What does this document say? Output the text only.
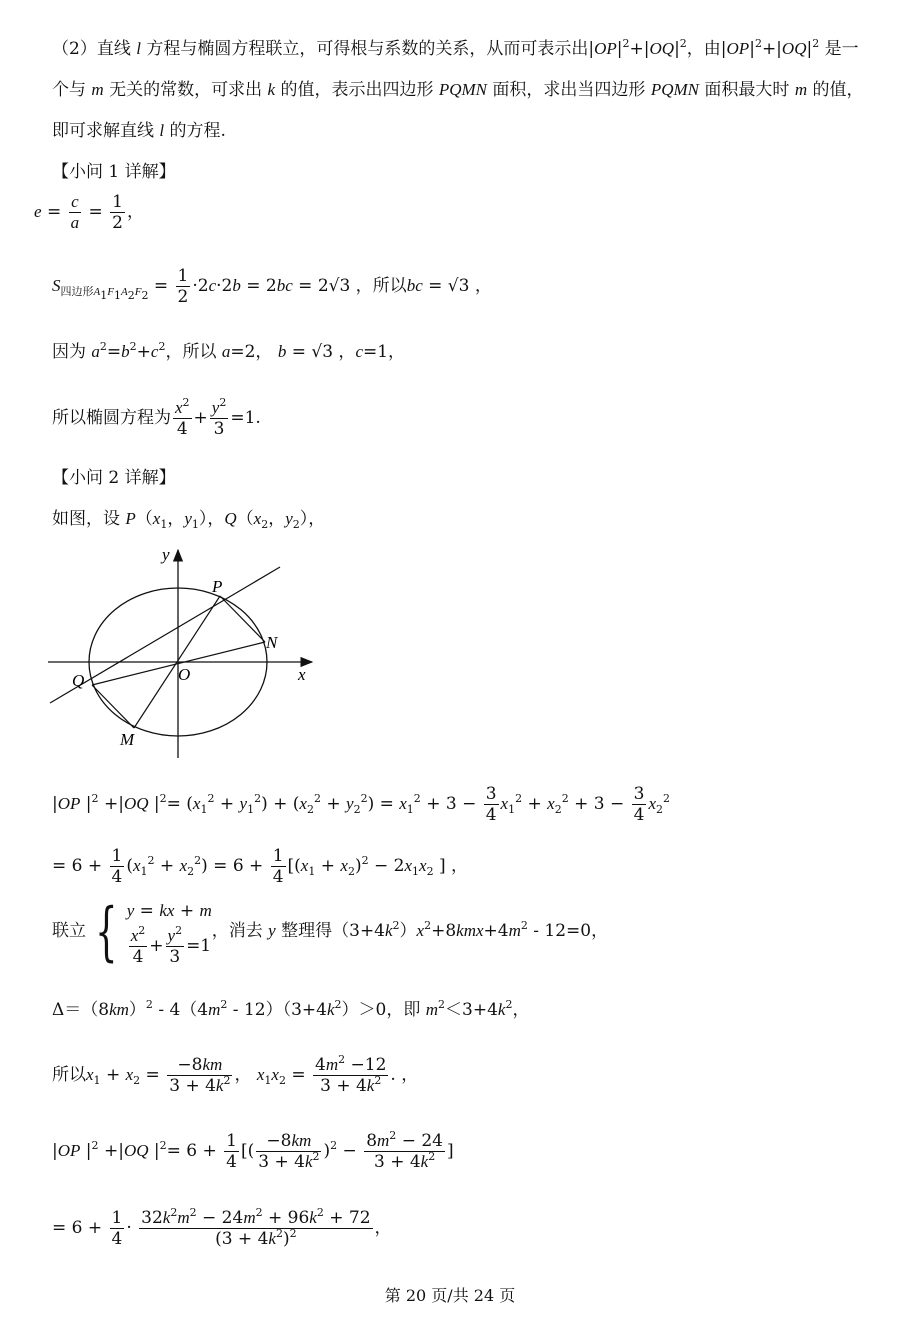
（2）直线 l 方程与椭圆方程联立，可得根与系数的关系，从而可表示出$|OP|^2+|OQ|^2$，由$|OP|^2+|OQ|^2$ 是一
个与 m 无关的常数，可求出 k 的值，表示出四边形 PQMN 面积，求出当四边形 PQMN 面积最大时 m 的值，
即可求解直线 l 的方程.
【小问 1 详解】
$e = \frac{c}{a} = \frac{1}{2}$ ，
$S_{四边形A_1F_1A_2F_2} = \frac{1}{2} \cdot 2c\cdot 2b = 2bc = 2√3$ ，所以bc = √3 ，
因为 $a^2=b^2+c^2$，所以 a=2， b = √3 ，c=1，
所以椭圆方程为 $\frac{x^2}{4} + \frac{y^2}{3} =1$.
【小问 2 详解】
如图，设 $P(x_1$，$y_1$），$Q(x_2$，$y_2$），
y
x
O
P
Q
M
N
|OP $|^2 +|OQ$ $|^2= (x_1^2 + y_1^2) + (x_2^2 + y_2^2) = x_1^2 + 3 - \frac{3}{4} x_1^2 + x_2^2 + 3 - \frac{3}{4} x_2^2$
= $6 + \frac{1}{4} (x_1^2 + x_2^2) = 6 + \frac{1}{4} [(x_1 + x_2)^2 - 2x_1x_2$ ] ，
联立 { y = kx + m
$\frac{x^2}{4} + \frac{y^2}{3} =1$
，消去 y 整理得$(3+4k^2)x^2+8kmx+4m^2 - 12=0$，
$\Delta=(8km)^2 - 4(4m^2 - 12)(3+4k^2)>0$，即 $m^2<3+4k^2$，
所以$x_1 + x_2 = \frac{-8km}{3 + 4k^2}$ ， $x_1x_2 = \frac{4m^2 -12}{3 + 4k^2}$ . ，
|OP $|^2 +|OQ$ $|^2= 6 + \frac{1}{4}$ [( $\frac{-8km}{3 + 4k^2} )^2 - \frac{8m^2 - 24}{3 + 4k^2}$ ]
= $6 + \frac{1}{4} \cdot \frac{32k^2m^2 - 24m^2 + 96k^2 + 72}{(3 + 4k^2)^2}$ ，
第 20 页/共 24 页
